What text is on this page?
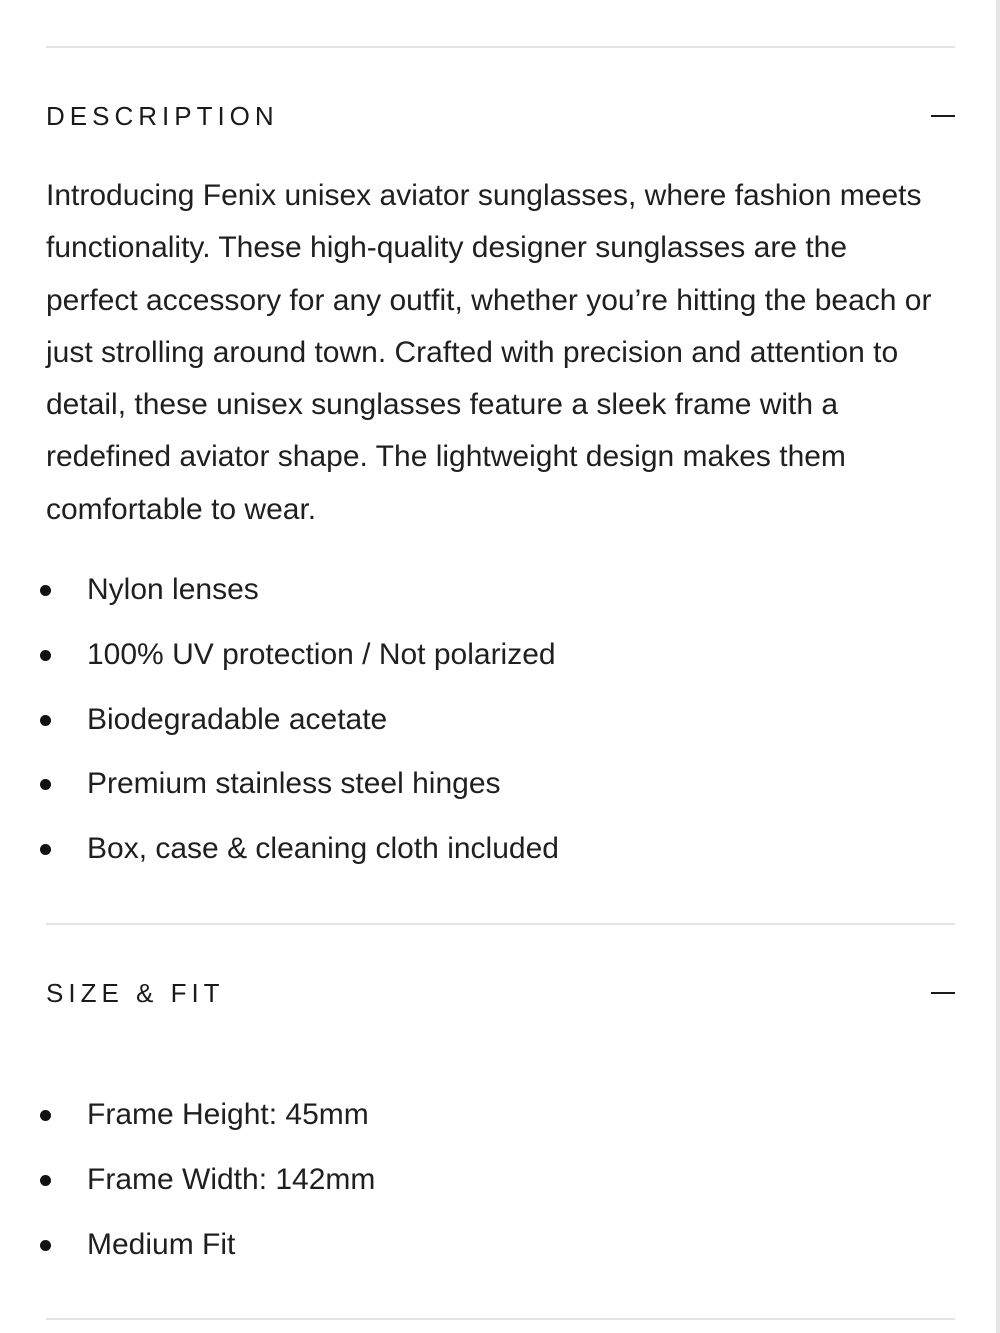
DESCRIPTION

Introducing Fenix unisex aviator sunglasses, where fashion meets functionality. These high-quality designer sunglasses are the perfect accessory for any outfit, whether you’re hitting the beach or just strolling around town. Crafted with precision and attention to detail, these unisex sunglasses feature a sleek frame with a redefined aviator shape. The lightweight design makes them comfortable to wear.

Nylon lenses
100% UV protection / Not polarized
Biodegradable acetate
Premium stainless steel hinges
Box, case & cleaning cloth included
SIZE & FIT
Frame Height: 45mm
Frame Width: 142mm
Medium Fit
